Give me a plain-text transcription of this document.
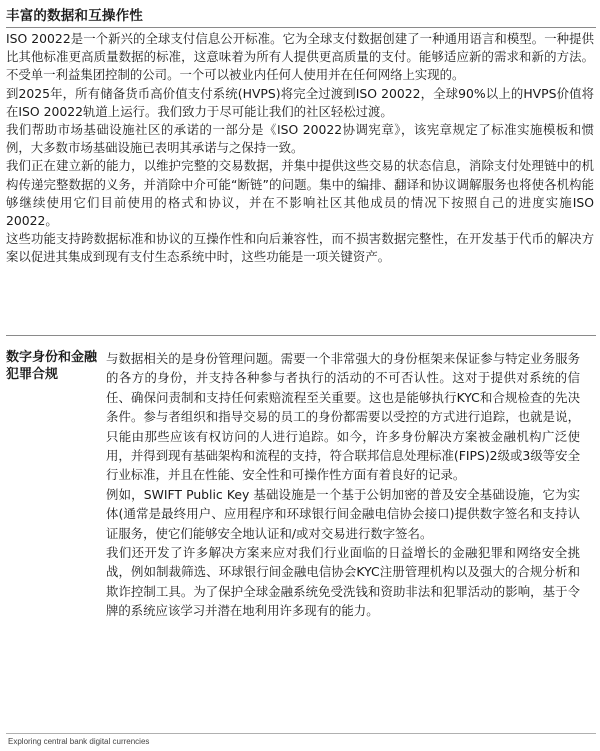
丰富的数据和互操作性

ISO 20022是一个新兴的全球支付信息公开标准。它为全球支付数据创建了一种通用语言和模型。一种提供比其他标准更高质量数据的标准，这意味着为所有人提供更高质量的支付。能够适应新的需求和新的方法。不受单一利益集团控制的公司。一个可以被业内任何人使用并在任何网络上实现的。

到2025年，所有储备货币高价值支付系统(HVPS)将完全过渡到ISO 20022，全球90%以上的HVPS价值将在ISO 20022轨道上运行。我们致力于尽可能让我们的社区轻松过渡。

我们帮助市场基础设施社区的承诺的一部分是《ISO 20022协调宪章》，该宪章规定了标准实施模板和惯例，大多数市场基础设施已表明其承诺与之保持一致。

我们正在建立新的能力，以维护完整的交易数据，并集中提供这些交易的状态信息，消除支付处理链中的机构传递完整数据的义务，并消除中介可能“断链”的问题。集中的编排、翻译和协议调解服务也将使各机构能够继续使用它们目前使用的格式和协议，并在不影响社区其他成员的情况下按照自己的进度实施ISO 20022。

这些功能支持跨数据标准和协议的互操作性和向后兼容性，而不损害数据完整性，在开发基于代币的解决方案以促进其集成到现有支付生态系统中时，这些功能是一项关键资产。

数字身份和金融犯罪合规

与数据相关的是身份管理问题。需要一个非常强大的身份框架来保证参与特定业务服务的各方的身份，并支持各种参与者执行的活动的不可否认性。这对于提供对系统的信任、确保问责制和支持任何索赔流程至关重要。这也是能够执行KYC和合规检查的先决条件。参与者组织和指导交易的员工的身份都需要以受控的方式进行追踪，也就是说，只能由那些应该有权访问的人进行追踪。如今，许多身份解决方案被金融机构广泛使用，并得到现有基础架构和流程的支持，符合联邦信息处理标准(FIPS)2级或3级等安全行业标准，并且在性能、安全性和可操作性方面有着良好的记录。

例如，SWIFT Public Key 基础设施是一个基于公钥加密的普及安全基础设施，它为实体(通常是最终用户、应用程序和环球银行间金融电信协会接口)提供数字签名和支持认证服务，使它们能够安全地认证和/或对交易进行数字签名。

我们还开发了许多解决方案来应对我们行业面临的日益增长的金融犯罪和网络安全挑战，例如制裁筛选、环球银行间金融电信协会KYC注册管理机构以及强大的合规分析和欺诈控制工具。为了保护全球金融系统免受洗钱和资助非法和犯罪活动的影响，基于令牌的系统应该学习并潜在地利用许多现有的能力。

Exploring central bank digital currencies
